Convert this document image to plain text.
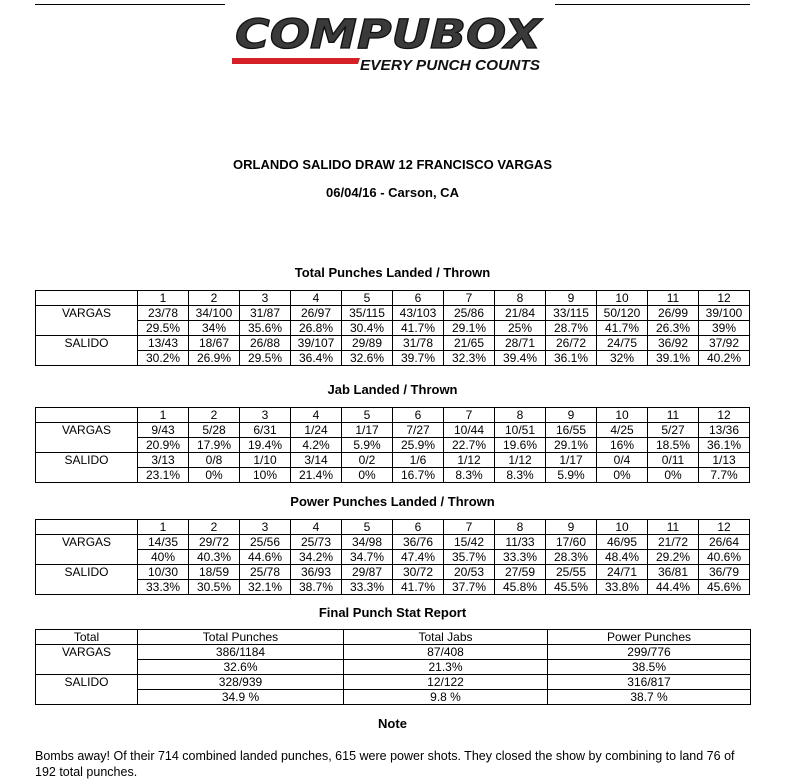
COMPUBOX
EVERY PUNCH COUNTS
ORLANDO SALIDO DRAW 12 FRANCISCO VARGAS
06/04/16 - Carson, CA
Total Punches Landed / Thrown
	1	2	3	4	5	6	7	8	9	10	11	12
VARGAS	23/78	34/100	31/87	26/97	35/115	43/103	25/86	21/84	33/115	50/120	26/99	39/100
	29.5%	34%	35.6%	26.8%	30.4%	41.7%	29.1%	25%	28.7%	41.7%	26.3%	39%
SALIDO	13/43	18/67	26/88	39/107	29/89	31/78	21/65	28/71	26/72	24/75	36/92	37/92
	30.2%	26.9%	29.5%	36.4%	32.6%	39.7%	32.3%	39.4%	36.1%	32%	39.1%	40.2%
Jab Landed / Thrown
	1	2	3	4	5	6	7	8	9	10	11	12
VARGAS	9/43	5/28	6/31	1/24	1/17	7/27	10/44	10/51	16/55	4/25	5/27	13/36
	20.9%	17.9%	19.4%	4.2%	5.9%	25.9%	22.7%	19.6%	29.1%	16%	18.5%	36.1%
SALIDO	3/13	0/8	1/10	3/14	0/2	1/6	1/12	1/12	1/17	0/4	0/11	1/13
	23.1%	0%	10%	21.4%	0%	16.7%	8.3%	8.3%	5.9%	0%	0%	7.7%
Power Punches Landed / Thrown
	1	2	3	4	5	6	7	8	9	10	11	12
VARGAS	14/35	29/72	25/56	25/73	34/98	36/76	15/42	11/33	17/60	46/95	21/72	26/64
	40%	40.3%	44.6%	34.2%	34.7%	47.4%	35.7%	33.3%	28.3%	48.4%	29.2%	40.6%
SALIDO	10/30	18/59	25/78	36/93	29/87	30/72	20/53	27/59	25/55	24/71	36/81	36/79
	33.3%	30.5%	32.1%	38.7%	33.3%	41.7%	37.7%	45.8%	45.5%	33.8%	44.4%	45.6%
Final Punch Stat Report
Total	Total Punches	Total Jabs	Power Punches
VARGAS	386/1184	87/408	299/776
	32.6%	21.3%	38.5%
SALIDO	328/939	12/122	316/817
	34.9 %	9.8 %	38.7 %
Note
Bombs away! Of their 714 combined landed punches, 615 were power shots. They closed the show by combining to land 76 of 192 total punches.
